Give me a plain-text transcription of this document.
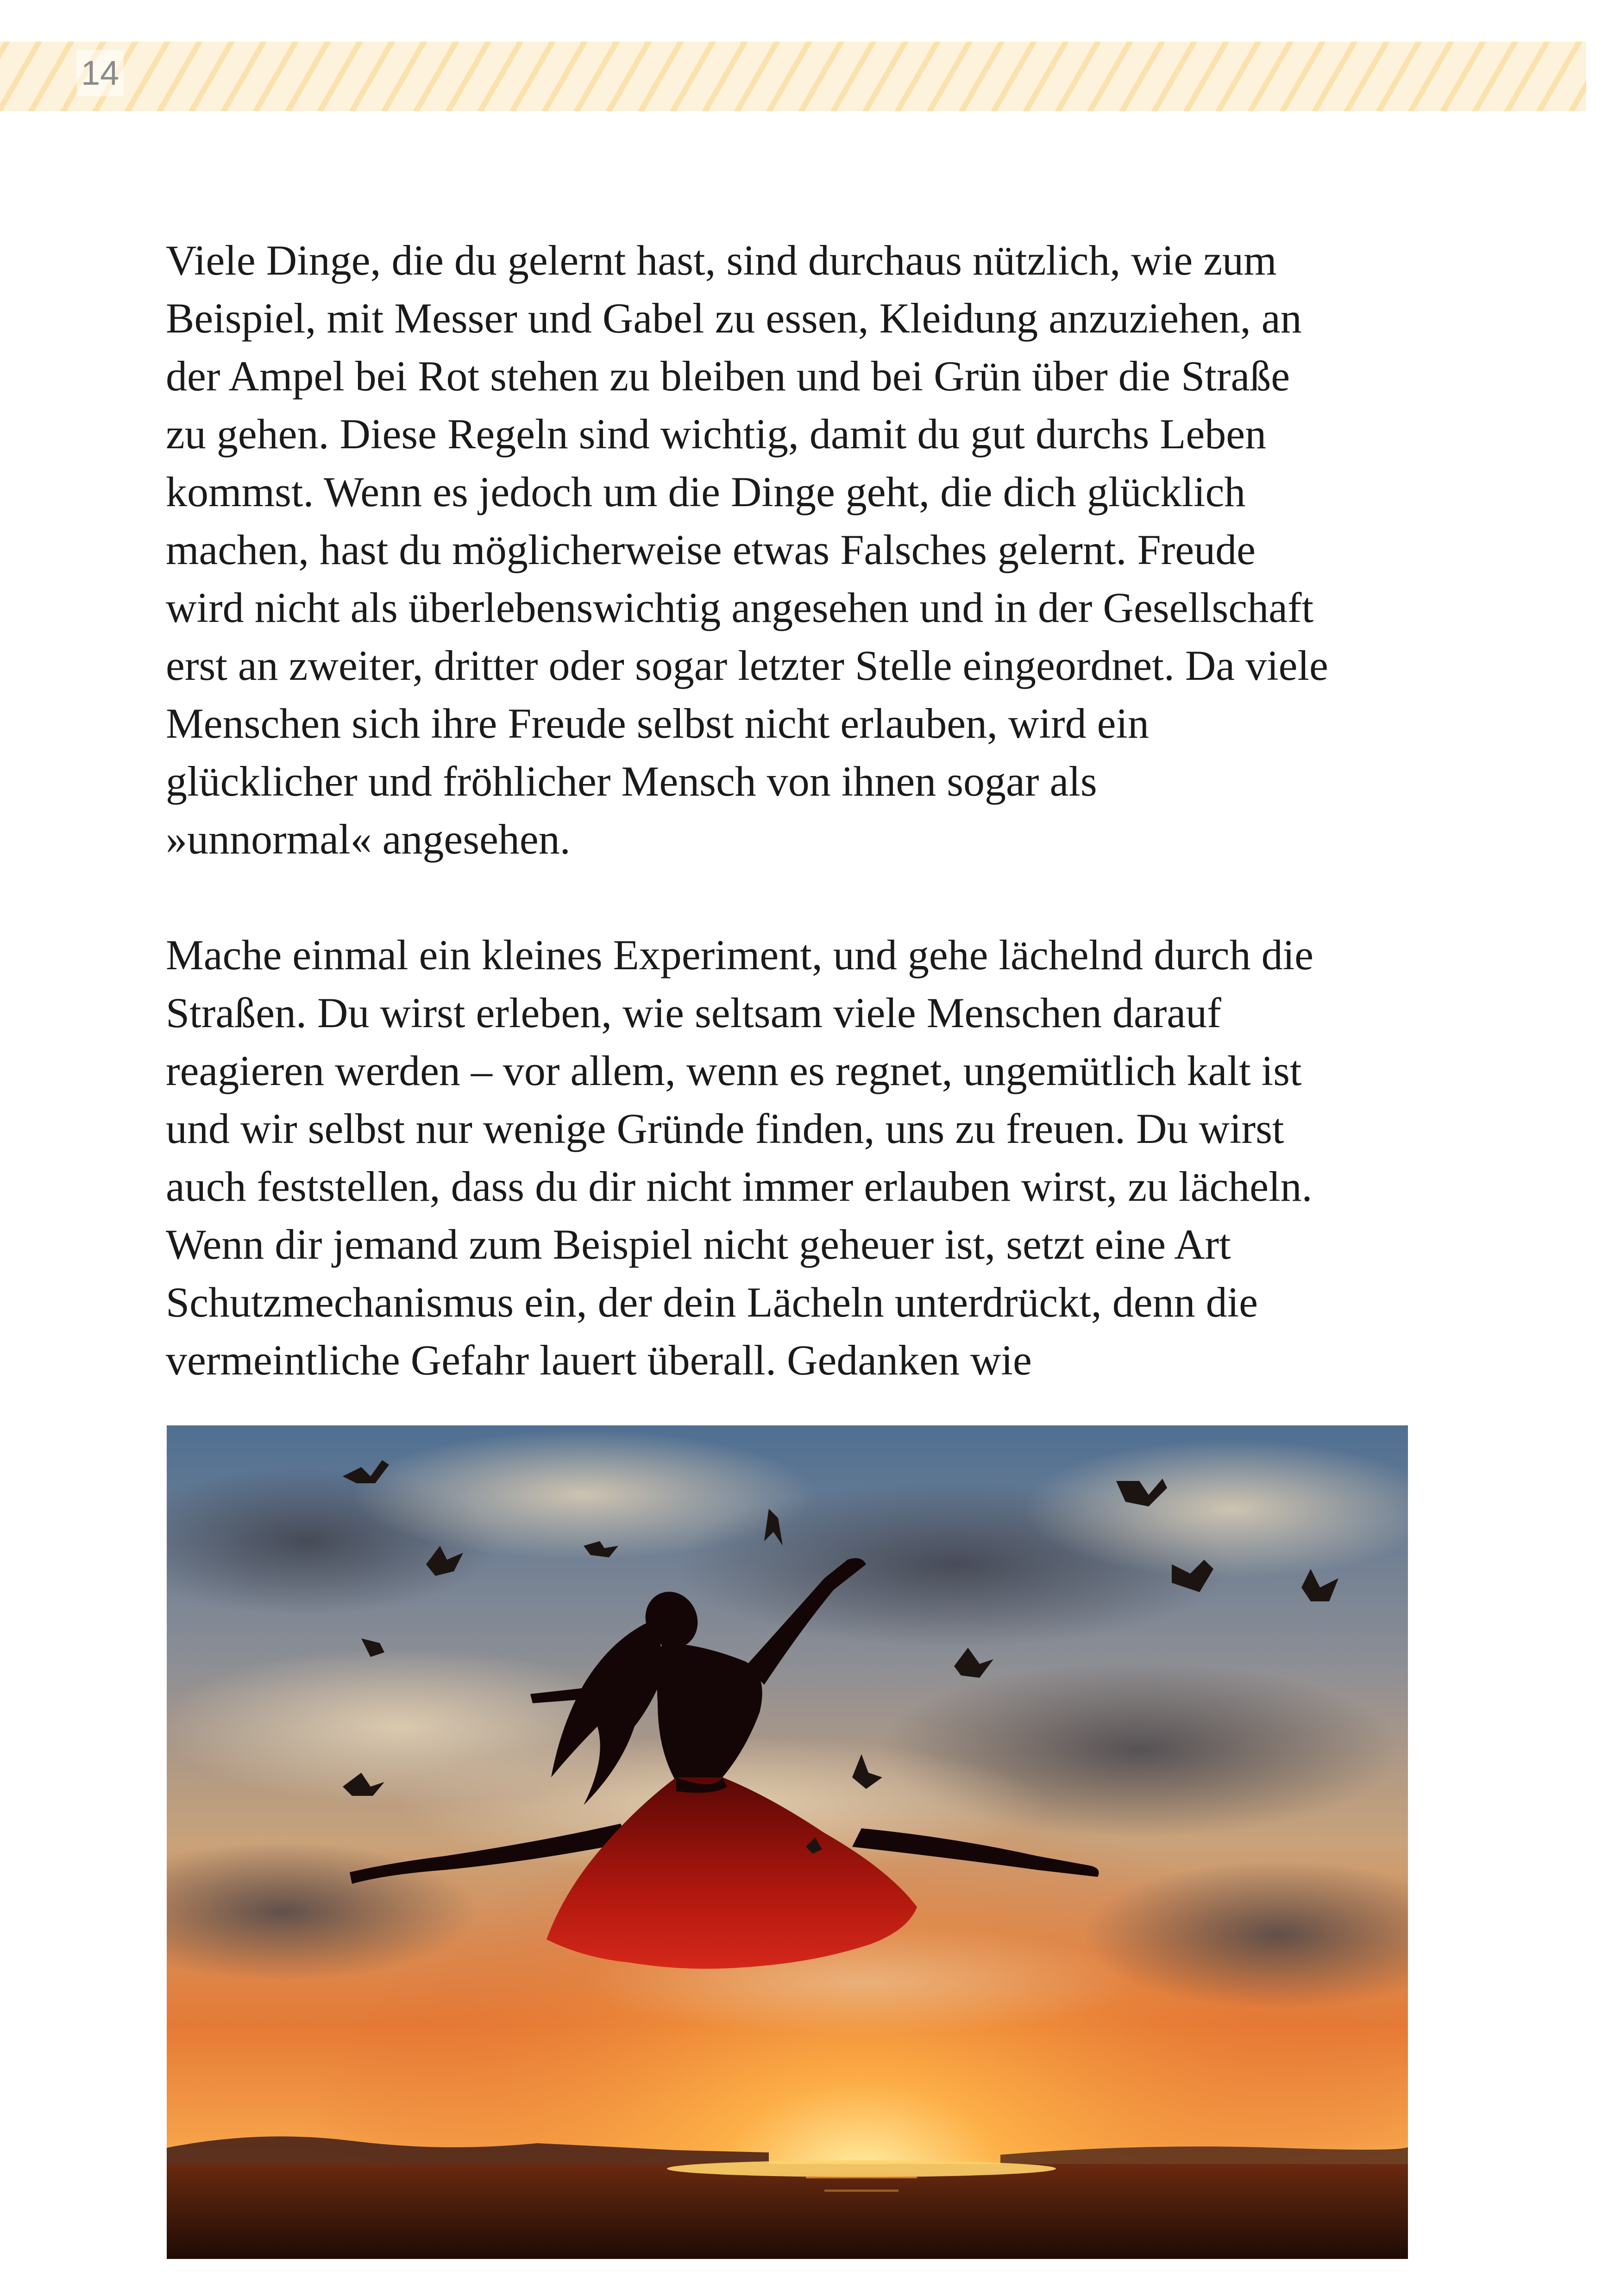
14

Viele Dinge, die du gelernt hast, sind durchaus nützlich, wie zum
Beispiel, mit Messer und Gabel zu essen, Kleidung anzuziehen, an
der Ampel bei Rot stehen zu bleiben und bei Grün über die Straße
zu gehen. Diese Regeln sind wichtig, damit du gut durchs Leben
kommst. Wenn es jedoch um die Dinge geht, die dich glücklich
machen, hast du möglicherweise etwas Falsches gelernt. Freude
wird nicht als überlebenswichtig angesehen und in der Gesellschaft
erst an zweiter, dritter oder sogar letzter Stelle eingeordnet. Da viele
Menschen sich ihre Freude selbst nicht erlauben, wird ein
glücklicher und fröhlicher Mensch von ihnen sogar als
»unnormal« angesehen.

Mache einmal ein kleines Experiment, und gehe lächelnd durch die
Straßen. Du wirst erleben, wie seltsam viele Menschen darauf
reagieren werden – vor allem, wenn es regnet, ungemütlich kalt ist
und wir selbst nur wenige Gründe finden, uns zu freuen. Du wirst
auch feststellen, dass du dir nicht immer erlauben wirst, zu lächeln.
Wenn dir jemand zum Beispiel nicht geheuer ist, setzt eine Art
Schutzmechanismus ein, der dein Lächeln unterdrückt, denn die
vermeintliche Gefahr lauert überall. Gedanken wie
